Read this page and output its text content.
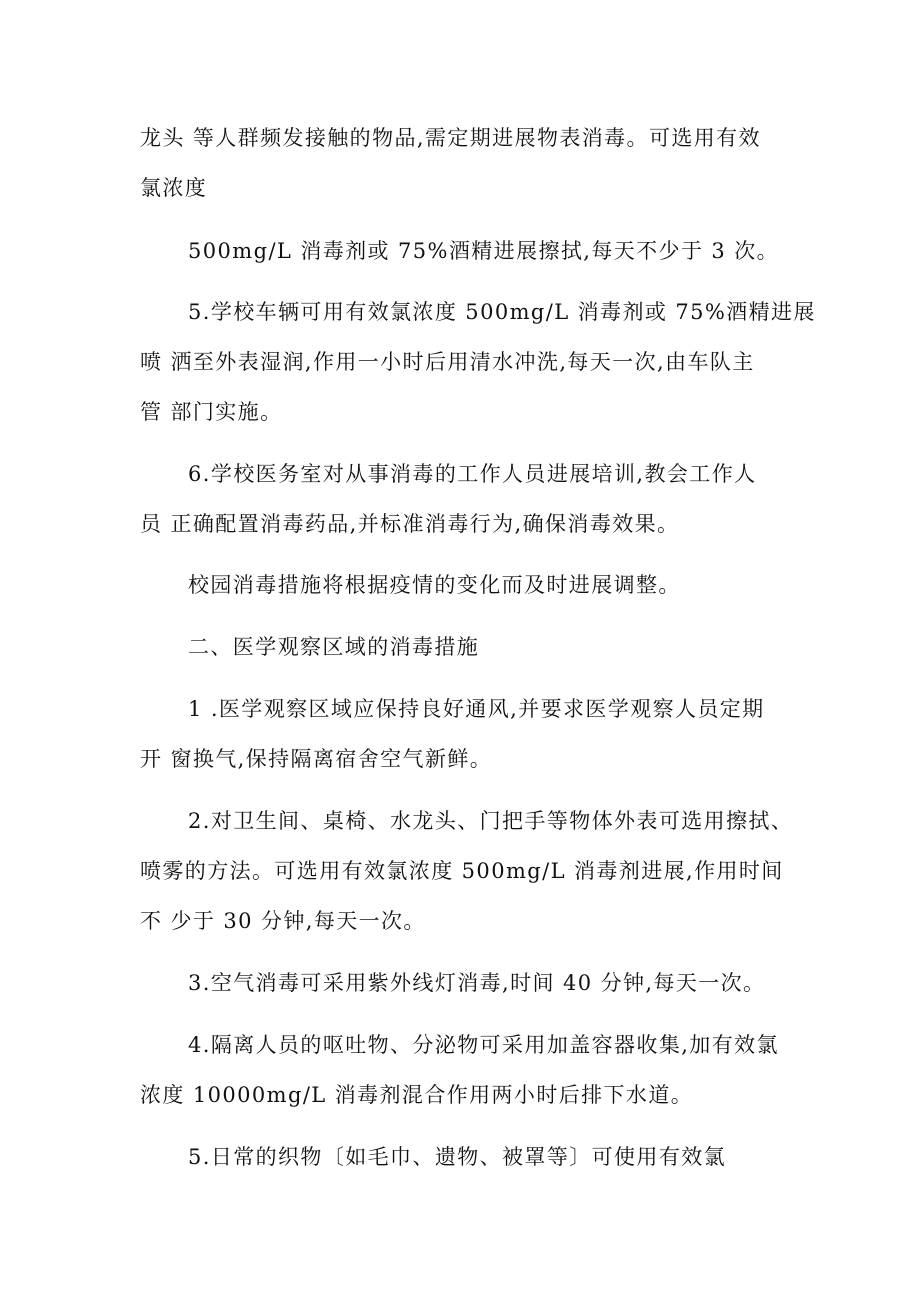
龙头 等人群频发接触的物品,需定期进展物表消毒。可选用有效
氯浓度
500mg/L 消毒剂或 75%酒精进展擦拭,每天不少于 3 次。
5.学校车辆可用有效氯浓度 500mg/L 消毒剂或 75%酒精进展
喷 洒至外表湿润,作用一小时后用清水冲洗,每天一次,由车队主
管 部门实施。
6.学校医务室对从事消毒的工作人员进展培训,教会工作人
员 正确配置消毒药品,并标准消毒行为,确保消毒效果。
校园消毒措施将根据疫情的变化而及时进展调整。
二、医学观察区域的消毒措施
1 .医学观察区域应保持良好通风,并要求医学观察人员定期
开 窗换气,保持隔离宿舍空气新鲜。
2.对卫生间、桌椅、水龙头、门把手等物体外表可选用擦拭、
喷雾的方法。可选用有效氯浓度 500mg/L 消毒剂进展,作用时间
不 少于 30 分钟,每天一次。
3.空气消毒可采用紫外线灯消毒,时间 40 分钟,每天一次。
4.隔离人员的呕吐物、分泌物可采用加盖容器收集,加有效氯
浓度 10000mg/L 消毒剂混合作用两小时后排下水道。
5.日常的织物〔如毛巾、遗物、被罩等〕可使用有效氯
